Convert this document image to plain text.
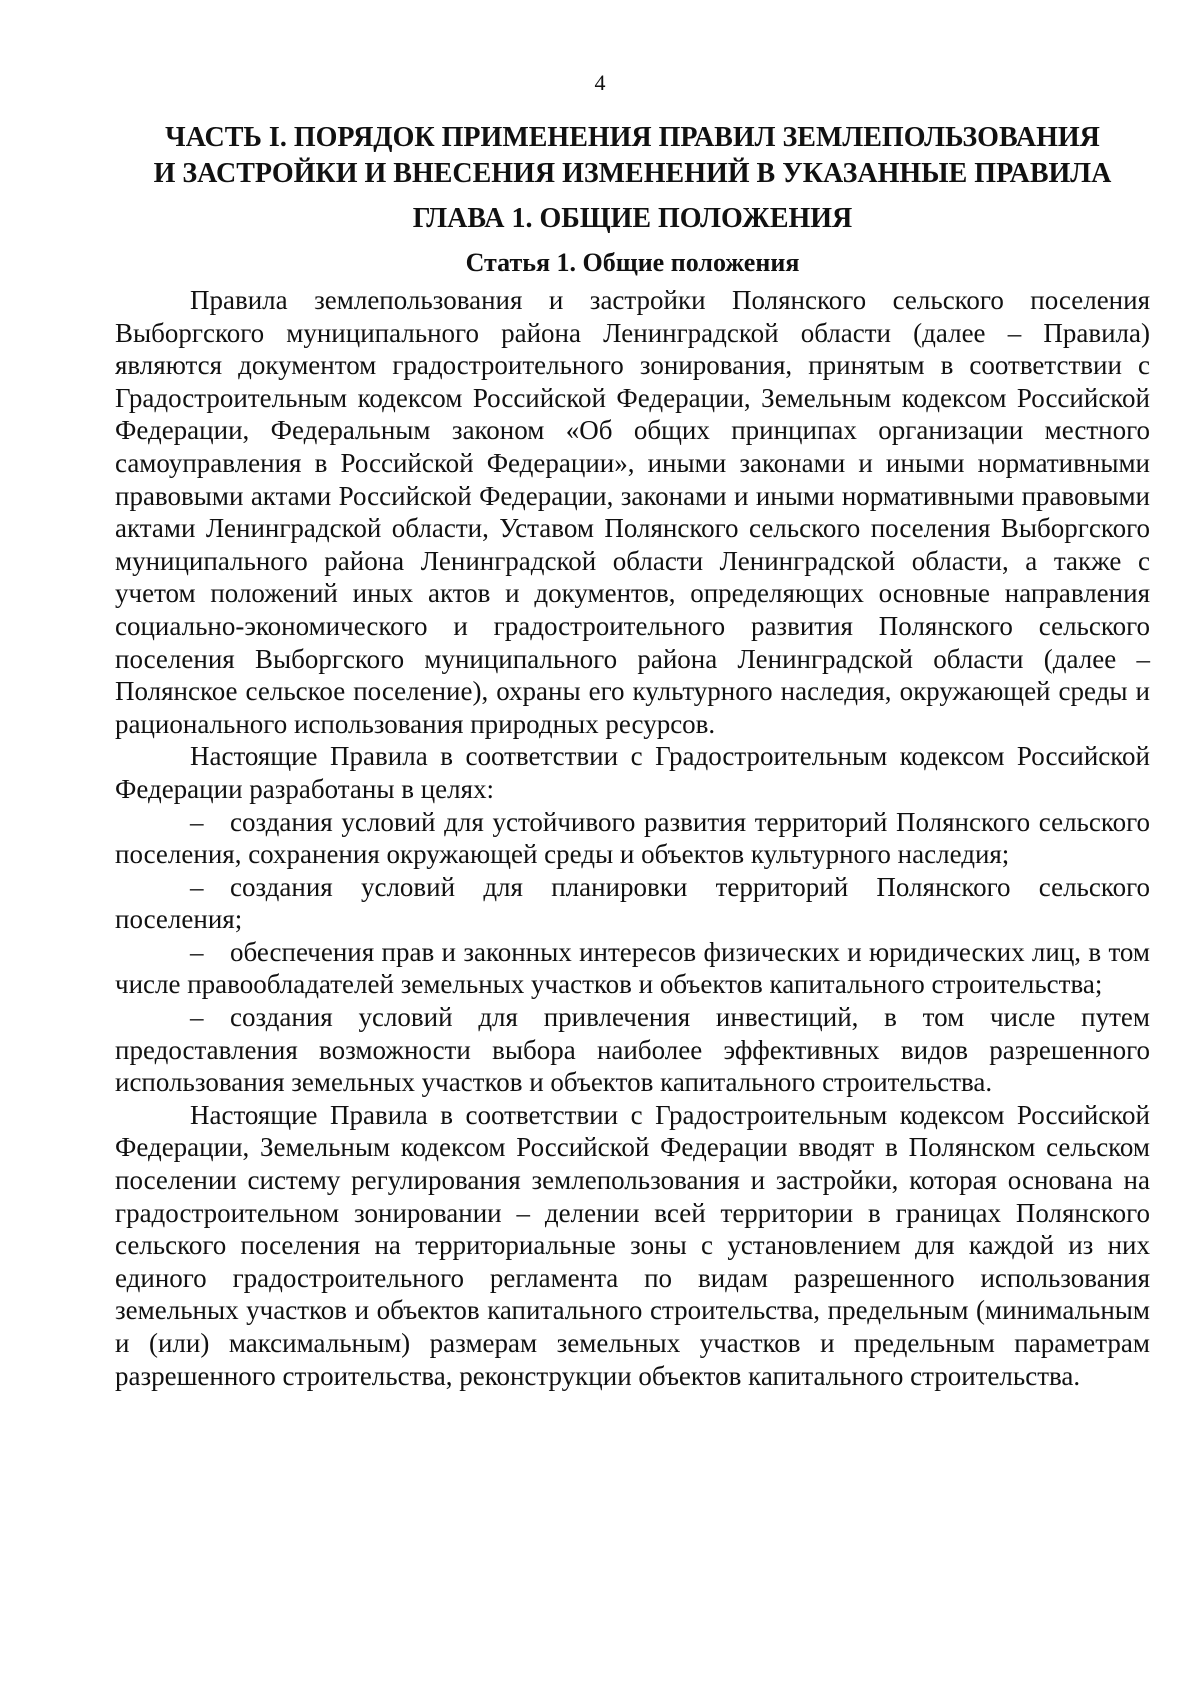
4
ЧАСТЬ I. ПОРЯДОК ПРИМЕНЕНИЯ ПРАВИЛ ЗЕМЛЕПОЛЬЗОВАНИЯ
И ЗАСТРОЙКИ И ВНЕСЕНИЯ ИЗМЕНЕНИЙ В УКАЗАННЫЕ ПРАВИЛА
ГЛАВА 1. ОБЩИЕ ПОЛОЖЕНИЯ
Статья 1. Общие положения

Правила землепользования и застройки Полянского сельского поселения Выборгского муниципального района Ленинградской области (далее – Правила) являются документом градостроительного зонирования, принятым в соответствии с Градостроительным кодексом Российской Федерации, Земельным кодексом Российской Федерации, Федеральным законом «Об общих принципах организации местного самоуправления в Российской Федерации», иными законами и иными нормативными правовыми актами Российской Федерации, законами и иными нормативными правовыми актами Ленинградской области, Уставом Полянского сельского поселения Выборгского муниципального района Ленинградской области Ленинградской области, а также с учетом положений иных актов и документов, определяющих основные направления социально-экономического и градостроительного развития Полянского сельского поселения Выборгского муниципального района Ленинградской области (далее – Полянское сельское поселение), охраны его культурного наследия, окружающей среды и рационального использования природных ресурсов.

Настоящие Правила в соответствии с Градостроительным кодексом Российской Федерации разработаны в целях:

– создания условий для устойчивого развития территорий Полянского сельского поселения, сохранения окружающей среды и объектов культурного наследия;

– создания условий для планировки территорий Полянского сельского поселения;

– обеспечения прав и законных интересов физических и юридических лиц, в том числе правообладателей земельных участков и объектов капитального строительства;

– создания условий для привлечения инвестиций, в том числе путем предоставления возможности выбора наиболее эффективных видов разрешенного использования земельных участков и объектов капитального строительства.

Настоящие Правила в соответствии с Градостроительным кодексом Российской Федерации, Земельным кодексом Российской Федерации вводят в Полянском сельском поселении систему регулирования землепользования и застройки, которая основана на градостроительном зонировании – делении всей территории в границах Полянского сельского поселения на территориальные зоны с установлением для каждой из них единого градостроительного регламента по видам разрешенного использования земельных участков и объектов капитального строительства, предельным (минимальным и (или) максимальным) размерам земельных участков и предельным параметрам разрешенного строительства, реконструкции объектов капитального строительства.
